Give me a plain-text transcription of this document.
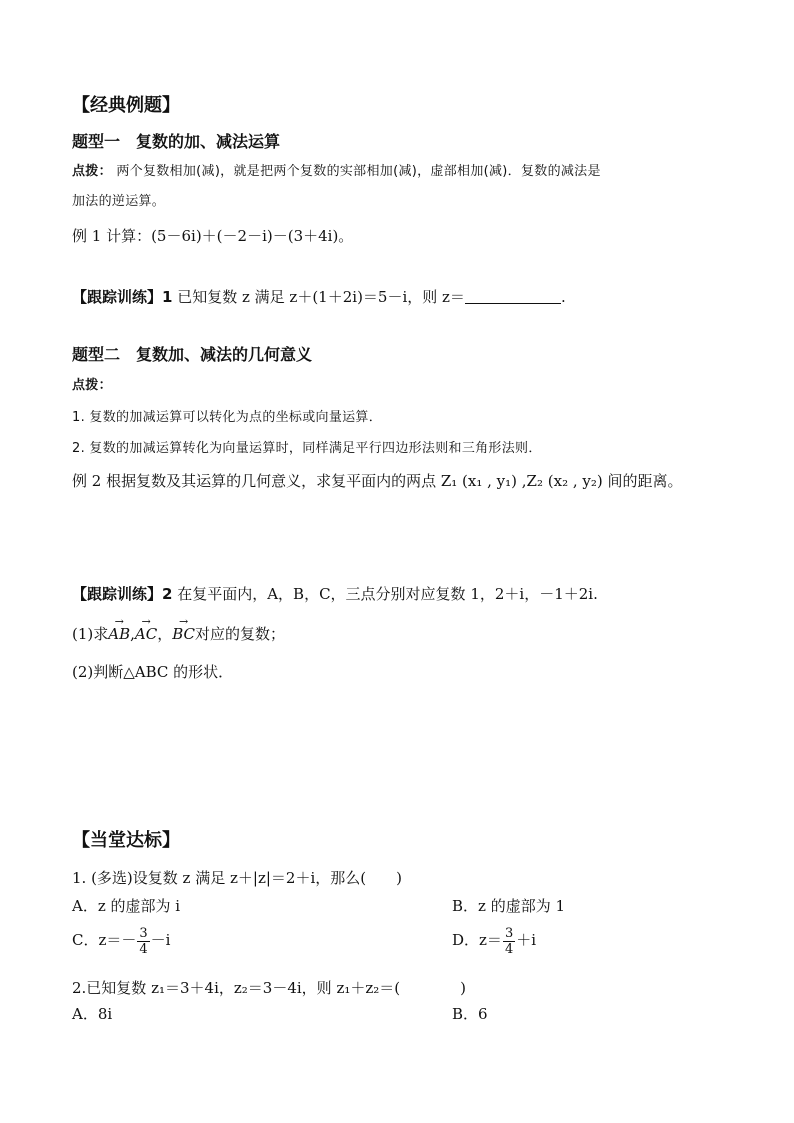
【经典例题】
题型一　复数的加、减法运算
点拨： 两个复数相加(减)，就是把两个复数的实部相加(减)，虚部相加(减)．复数的减法是
加法的逆运算。
例 1 计算：(5－6i)＋(－2－i)－(3＋4i)。
【跟踪训练】1 已知复数 z 满足 z＋(1＋2i)＝5－i，则 z＝	.
题型二　复数加、减法的几何意义
点拨：
1. 复数的加减运算可以转化为点的坐标或向量运算．
2. 复数的加减运算转化为向量运算时，同样满足平行四边形法则和三角形法则．
例 2 根据复数及其运算的几何意义，求复平面内的两点 Z₁ (x₁ , y₁) ,Z₂ (x₂ , y₂) 间的距离。
【跟踪训练】2 在复平面内，A，B，C，三点分别对应复数 1，2＋i，－1＋2i.
(1)求→ AB,→ AC，→ BC对应的复数；
(2)判断△ABC 的形状．
【当堂达标】
1. (多选)设复数 z 满足 z＋|z|＝2＋i，那么(　　)
A．z 的虚部为 i	B．z 的虚部为 1
C．$z=- \frac{3}{4} -i$	D．$z= \frac{3}{4} +i$
2.已知复数 z₁＝3＋4i，z₂＝3－4i，则 z₁＋z₂＝(　　　　)
A．8i	B．6
